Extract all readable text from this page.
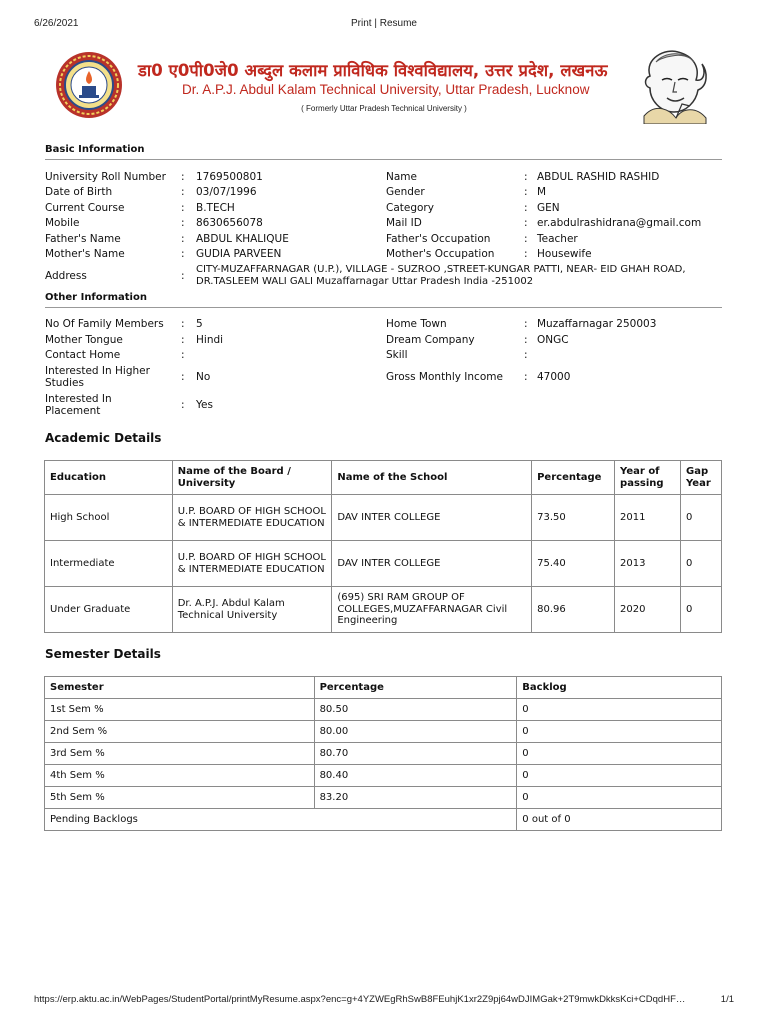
6/26/2021	Print | Resume
डा0 ए0पी0जे0 अब्दुल कलाम प्राविधिक विश्वविद्यालय, उत्तर प्रदेश, लखनऊ
Dr. A.P.J. Abdul Kalam Technical University, Uttar Pradesh, Lucknow
( Formerly Uttar Pradesh Technical University )
Basic Information
University Roll Number	: 1769500801	Name	: ABDUL RASHID RASHID
Date of Birth	: 03/07/1996	Gender	: M
Current Course	: B.TECH	Category	: GEN
Mobile	: 8630656078	Mail ID	: er.abdulrashidrana@gmail.com
Father's Name	: ABDUL KHALIQUE	Father's Occupation	: Teacher
Mother's Name	: GUDIA PARVEEN	Mother's Occupation	: Housewife
Address	:
CITY-MUZAFFARNAGAR (U.P.), VILLAGE - SUZROO ,STREET-KUNGAR PATTI, NEAR- EID GHAH ROAD, DR.TASLEEM WALI GALI Muzaffarnagar Uttar Pradesh India -251002
Other Information
No Of Family Members	: 5	Home Town	: Muzaffarnagar 250003
Mother Tongue	: Hindi	Dream Company	: ONGC
Contact Home	:	Skill	:
Interested In Higher Studies	: No	Gross Monthly Income : 47000
Interested In Placement	: Yes
Academic Details
Education	Name of the Board / University	Name of the School	Percentage	Year of passing	Gap Year
High School	U.P. BOARD OF HIGH SCHOOL & INTERMEDIATE EDUCATION	DAV INTER COLLEGE	73.50	2011	0
Intermediate	U.P. BOARD OF HIGH SCHOOL & INTERMEDIATE EDUCATION	DAV INTER COLLEGE	75.40	2013	0
Under Graduate	Dr. A.P.J. Abdul Kalam Technical University	(695) SRI RAM GROUP OF COLLEGES,MUZAFFARNAGAR Civil Engineering	80.96	2020	0
Semester Details
Semester	Percentage	Backlog
1st Sem %	80.50	0
2nd Sem %	80.00	0
3rd Sem %	80.70	0
4th Sem %	80.40	0
5th Sem %	83.20	0
Pending Backlogs		0 out of 0
https://erp.aktu.ac.in/WebPages/StudentPortal/printMyResume.aspx?enc=g+4YZWEgRhSwB8FEuhjK1xr2Z9pj64wDJIMGak+2T9mwkDkksKci+CDqdHF…	1/1
